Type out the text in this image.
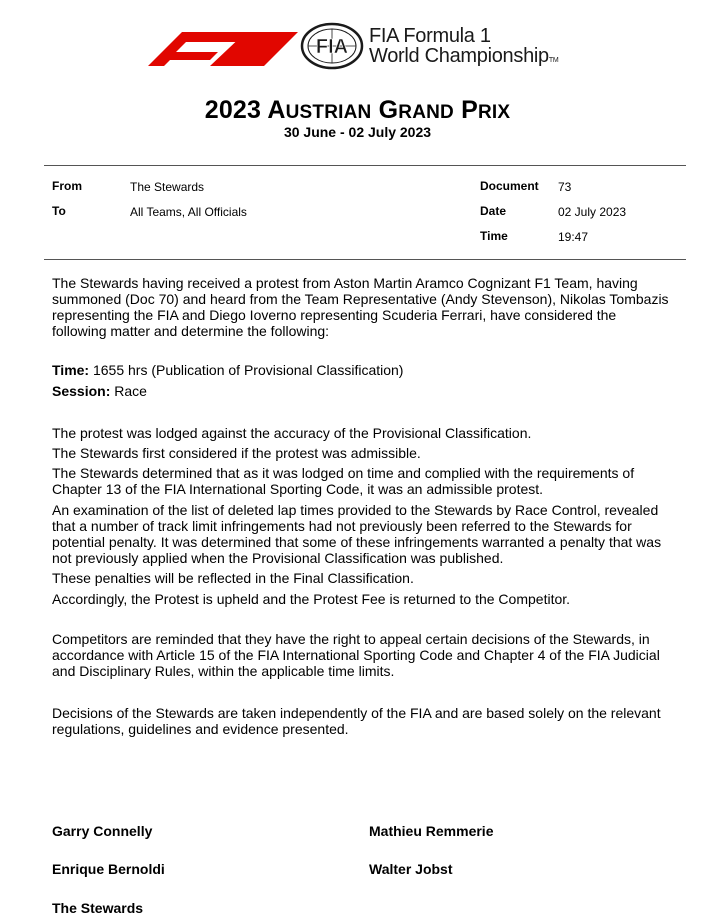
FIA FIA Formula 1
World ChampionshipTM
2023 AUSTRIAN GRAND PRIX
30 June - 02 July 2023
From	The Stewards
To	All Teams, All Officials
Document 73
Date	02 July 2023
Time	19:47
The Stewards having received a protest from Aston Martin Aramco Cognizant F1 Team, having summoned (Doc 70) and heard from the Team Representative (Andy Stevenson), Nikolas Tombazis representing the FIA and Diego Ioverno representing Scuderia Ferrari, have considered the following matter and determine the following:
Time: 1655 hrs (Publication of Provisional Classification)
Session: Race
The protest was lodged against the accuracy of the Provisional Classification.
The Stewards first considered if the protest was admissible.
The Stewards determined that as it was lodged on time and complied with the requirements of Chapter 13 of the FIA International Sporting Code, it was an admissible protest.
An examination of the list of deleted lap times provided to the Stewards by Race Control, revealed that a number of track limit infringements had not previously been referred to the Stewards for potential penalty. It was determined that some of these infringements warranted a penalty that was not previously applied when the Provisional Classification was published.
These penalties will be reflected in the Final Classification.
Accordingly, the Protest is upheld and the Protest Fee is returned to the Competitor.
Competitors are reminded that they have the right to appeal certain decisions of the Stewards, in accordance with Article 15 of the FIA International Sporting Code and Chapter 4 of the FIA Judicial and Disciplinary Rules, within the applicable time limits.
Decisions of the Stewards are taken independently of the FIA and are based solely on the relevant regulations, guidelines and evidence presented.
Garry Connelly	Mathieu Remmerie
Enrique Bernoldi	Walter Jobst
The Stewards
